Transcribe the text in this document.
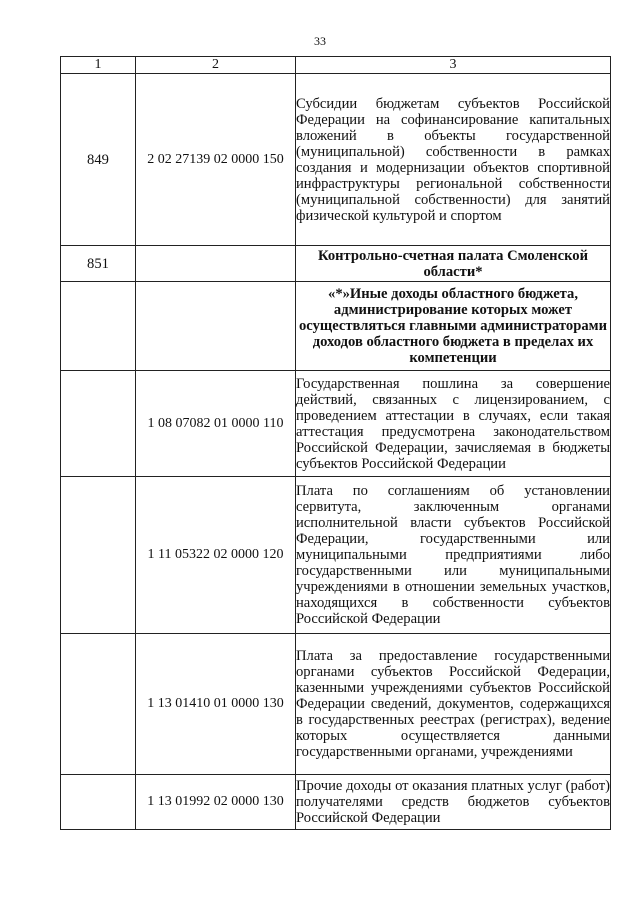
33
1	2	3
849	2 02 27139 02 0000 150	Субсидии бюджетам субъектов Российской Федерации на софинансирование капитальных вложений в объекты государственной (муниципальной) собственности в рамках создания и модернизации объектов спортивной инфраструктуры региональной собственности (муниципальной собственности) для занятий физической культурой и спортом
851		Контрольно-счетная палата Смоленской области*
		«*»Иные доходы областного бюджета, администрирование которых может осуществляться главными администраторами доходов областного бюджета в пределах их компетенции
	1 08 07082 01 0000 110	Государственная пошлина за совершение действий, связанных с лицензированием, с проведением аттестации в случаях, если такая аттестация предусмотрена законодательством Российской Федерации, зачисляемая в бюджеты субъектов Российской Федерации
	1 11 05322 02 0000 120	Плата по соглашениям об установлении сервитута, заключенным органами исполнительной власти субъектов Российской Федерации, государственными или муниципальными предприятиями либо государственными или муниципальными учреждениями в отношении земельных участков, находящихся в собственности субъектов Российской Федерации
	1 13 01410 01 0000 130	Плата за предоставление государственными органами субъектов Российской Федерации, казенными учреждениями субъектов Российской Федерации сведений, документов, содержащихся в государственных реестрах (регистрах), ведение которых осуществляется данными государственными органами, учреждениями
	1 13 01992 02 0000 130	Прочие доходы от оказания платных услуг (работ) получателями средств бюджетов субъектов Российской Федерации
